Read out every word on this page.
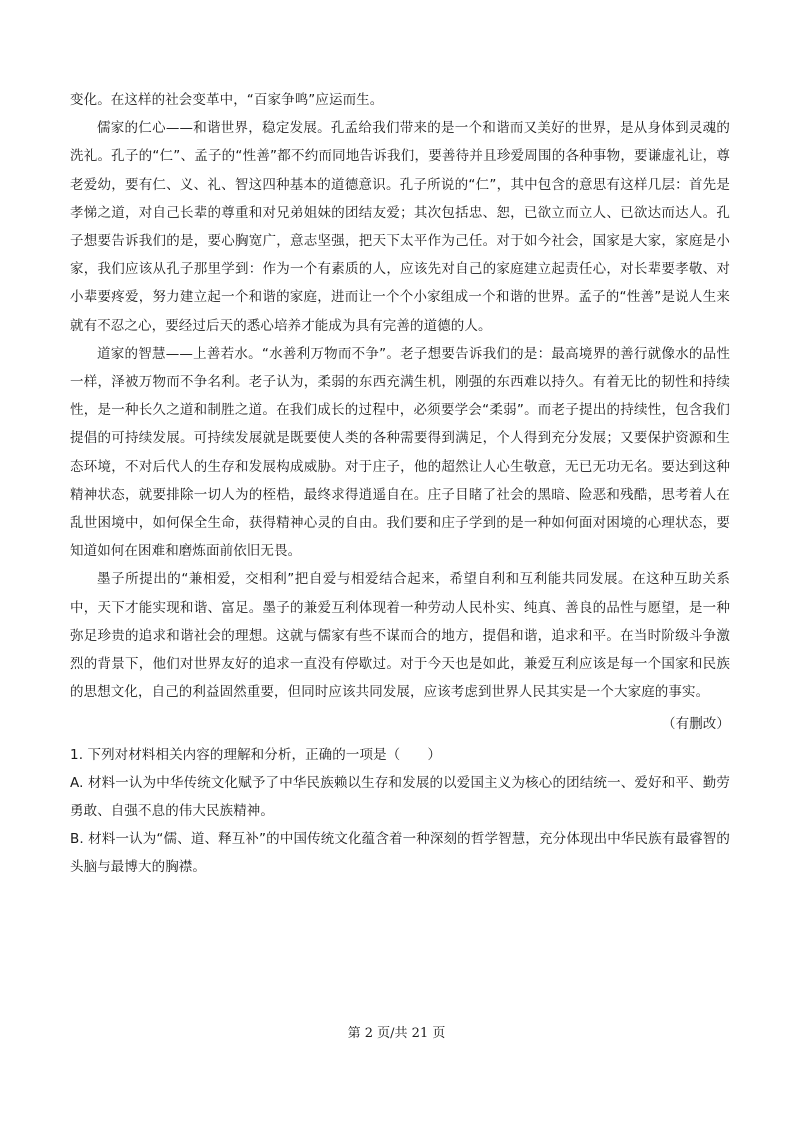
变化。在这样的社会变革中，“百家争鸣”应运而生。

儒家的仁心——和谐世界，稳定发展。孔孟给我们带来的是一个和谐而又美好的世界，是从身体到灵魂的洗礼。孔子的“仁”、孟子的“性善”都不约而同地告诉我们，要善待并且珍爱周围的各种事物，要谦虚礼让，尊老爱幼，要有仁、义、礼、智这四种基本的道德意识。孔子所说的“仁”，其中包含的意思有这样几层：首先是孝悌之道，对自己长辈的尊重和对兄弟姐妹的团结友爱；其次包括忠、恕，已欲立而立人、已欲达而达人。孔子想要告诉我们的是，要心胸宽广，意志坚强，把天下太平作为己任。对于如今社会，国家是大家，家庭是小家，我们应该从孔子那里学到：作为一个有素质的人，应该先对自己的家庭建立起责任心，对长辈要孝敬、对小辈要疼爱，努力建立起一个和谐的家庭，进而让一个个小家组成一个和谐的世界。孟子的“性善”是说人生来就有不忍之心，要经过后天的悉心培养才能成为具有完善的道德的人。

道家的智慧——上善若水。“水善利万物而不争”。老子想要告诉我们的是：最高境界的善行就像水的品性一样，泽被万物而不争名利。老子认为，柔弱的东西充满生机，刚强的东西难以持久。有着无比的韧性和持续性，是一种长久之道和制胜之道。在我们成长的过程中，必须要学会“柔弱”。而老子提出的持续性，包含我们提倡的可持续发展。可持续发展就是既要使人类的各种需要得到满足，个人得到充分发展；又要保护资源和生态环境，不对后代人的生存和发展构成威胁。对于庄子，他的超然让人心生敬意，无已无功无名。要达到这种精神状态，就要排除一切人为的桎梏，最终求得逍遥自在。庄子目睹了社会的黑暗、险恶和残酷，思考着人在乱世困境中，如何保全生命，获得精神心灵的自由。我们要和庄子学到的是一种如何面对困境的心理状态，要知道如何在困难和磨炼面前依旧无畏。

墨子所提出的“兼相爱，交相利”把自爱与相爱结合起来，希望自利和互利能共同发展。在这种互助关系中，天下才能实现和谐、富足。墨子的兼爱互利体现着一种劳动人民朴实、纯真、善良的品性与愿望，是一种弥足珍贵的追求和谐社会的理想。这就与儒家有些不谋而合的地方，提倡和谐，追求和平。在当时阶级斗争激烈的背景下，他们对世界友好的追求一直没有停歇过。对于今天也是如此，兼爱互利应该是每一个国家和民族的思想文化，自己的利益固然重要，但同时应该共同发展，应该考虑到世界人民其实是一个大家庭的事实。

（有删改）

1. 下列对材料相关内容的理解和分析，正确的一项是（　　）

A. 材料一认为中华传统文化赋予了中华民族赖以生存和发展的以爱国主义为核心的团结统一、爱好和平、勤劳勇敢、自强不息的伟大民族精神。

B. 材料一认为“儒、道、释互补”的中国传统文化蕴含着一种深刻的哲学智慧，充分体现出中华民族有最睿智的头脑与最博大的胸襟。

第 2 页/共 21 页
